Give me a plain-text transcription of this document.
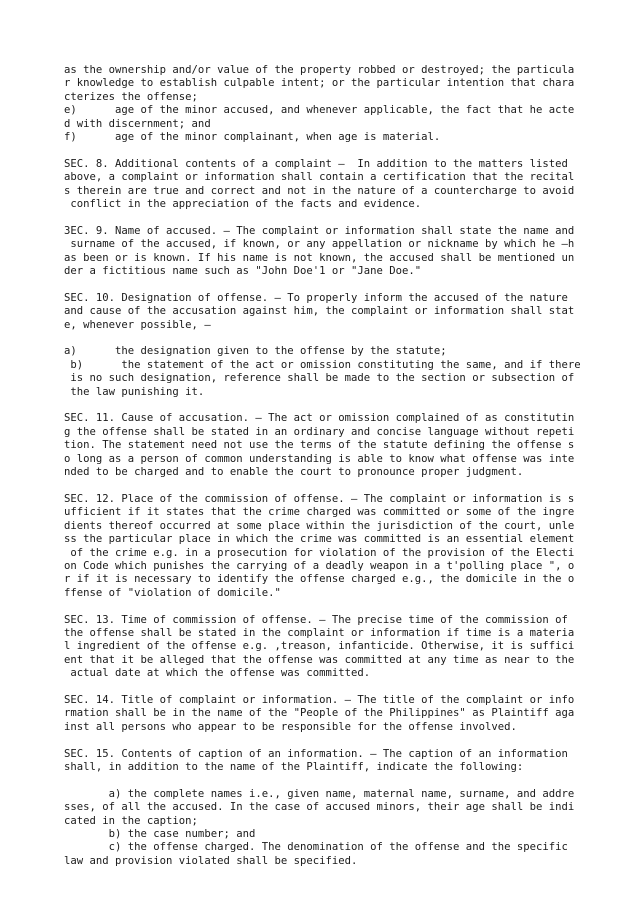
as the ownership and/or value of the property robbed or destroyed; the particula
r knowledge to establish culpable intent; or the particular intention that chara
cterizes the offense;
e)      age of the minor accused, and whenever applicable, the fact that he acte
d with discernment; and
f)      age of the minor complainant, when age is material.
SEC. 8. Additional contents of a complaint –  In addition to the matters listed
above, a complaint or information shall contain a certification that the recital
s therein are true and correct and not in the nature of a countercharge to avoid
conflict in the appreciation of the facts and evidence.
3EC. 9. Name of accused. – The complaint or information shall state the name and
surname of the accused, if known, or any appellation or nickname by which he –h
as been or is known. If his name is not known, the accused shall be mentioned un
der a fictitious name such as "John Doe'1 or "Jane Doe."
SEC. 10. Designation of offense. – To properly inform the accused of the nature
and cause of the accusation against him, the complaint or information shall stat
e, whenever possible, –
a)      the designation given to the offense by the statute;
b)      the statement of the act or omission constituting the same, and if there
is no such designation, reference shall be made to the section or subsection of
the law punishing it.
SEC. 11. Cause of accusation. – The act or omission complained of as constitutin
g the offense shall be stated in an ordinary and concise language without repeti
tion. The statement need not use the terms of the statute defining the offense s
o long as a person of common understanding is able to know what offense was inte
nded to be charged and to enable the court to pronounce proper judgment.
SEC. 12. Place of the commission of offense. – The complaint or information is s
ufficient if it states that the crime charged was committed or some of the ingre
dients thereof occurred at some place within the jurisdiction of the court, unle
ss the particular place in which the crime was committed is an essential element
of the crime e.g. in a prosecution for violation of the provision of the Electi
on Code which punishes the carrying of a deadly weapon in a t'polling place ", o
r if it is necessary to identify the offense charged e.g., the domicile in the o
ffense of "violation of domicile."
SEC. 13. Time of commission of offense. – The precise time of the commission of
the offense shall be stated in the complaint or information if time is a materia
l ingredient of the offense e.g. ,treason, infanticide. Otherwise, it is suffici
ent that it be alleged that the offense was committed at any time as near to the
actual date at which the offense was committed.
SEC. 14. Title of complaint or information. – The title of the complaint or info
rmation shall be in the name of the "People of the Philippines" as Plaintiff aga
inst all persons who appear to be responsible for the offense involved.
SEC. 15. Contents of caption of an information. – The caption of an information
shall, in addition to the name of the Plaintiff, indicate the following:
a) the complete names i.e., given name, maternal name, surname, and addre
sses, of all the accused. In the case of accused minors, their age shall be indi
cated in the caption;
b) the case number; and
c) the offense charged. The denomination of the offense and the specific
law and provision violated shall be specified.
